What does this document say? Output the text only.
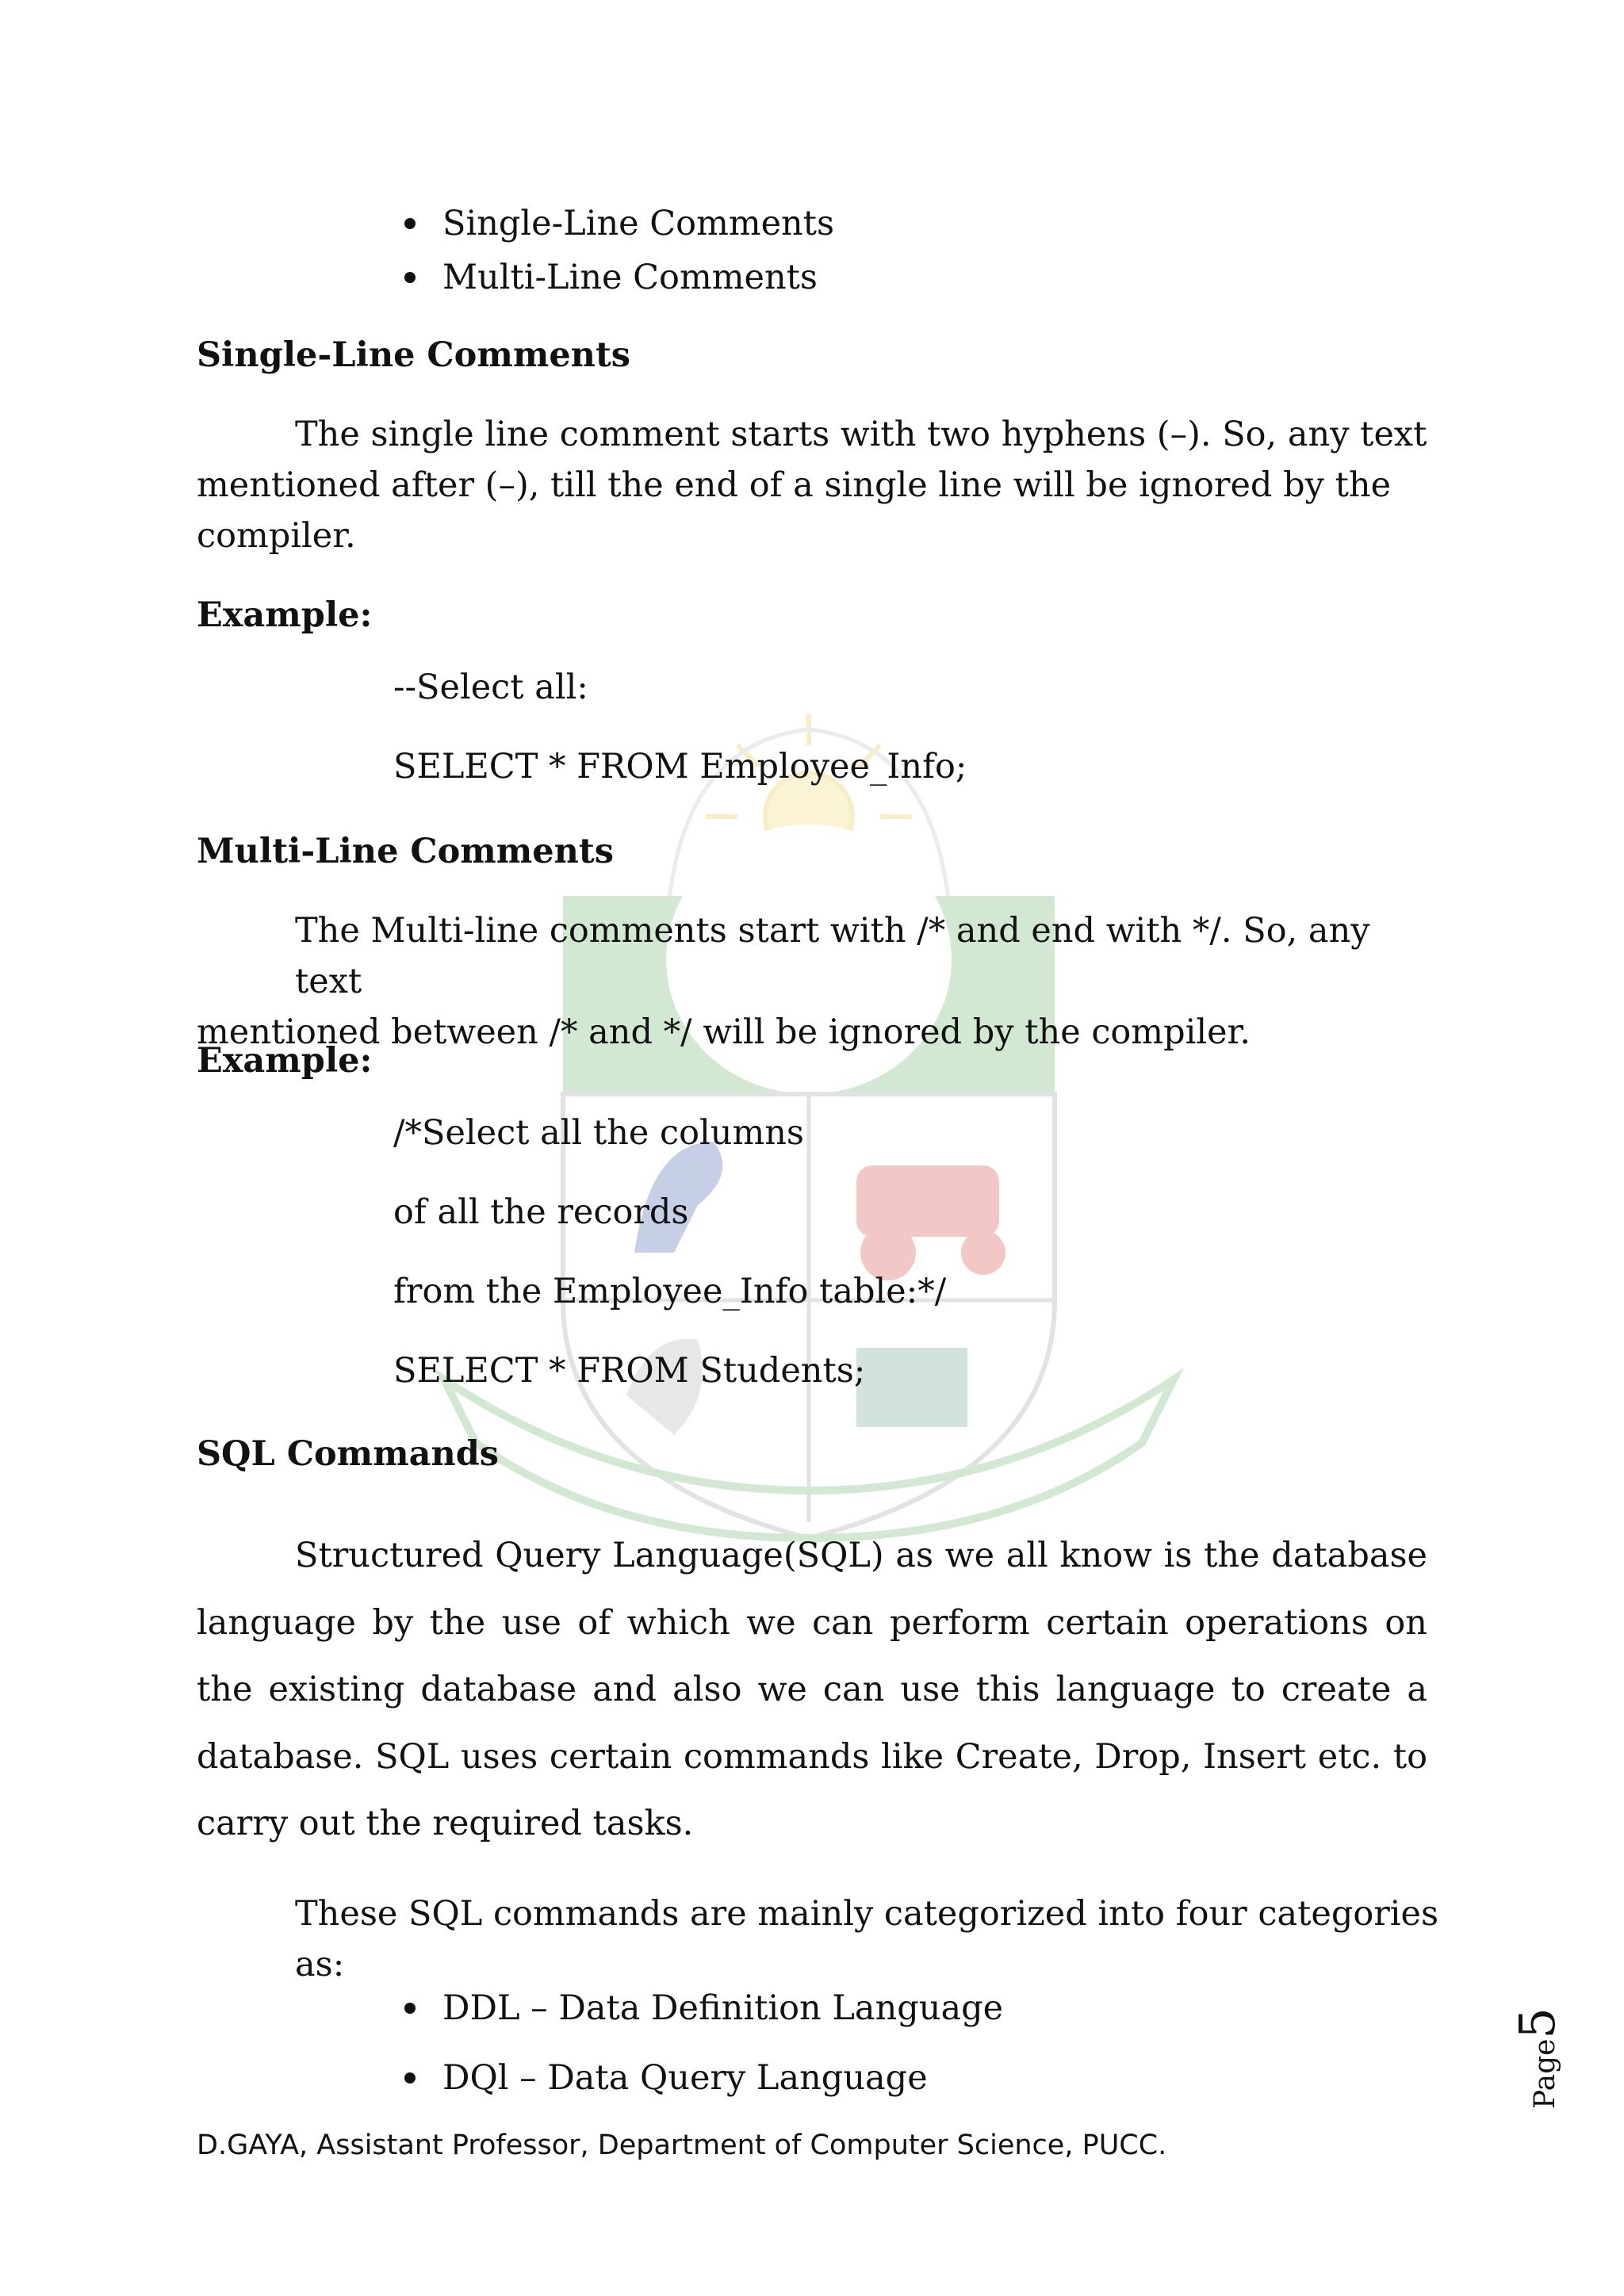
Single-Line Comments
Multi-Line Comments
Single-Line Comments

The single line comment starts with two hyphens (–). So, any text

mentioned after (–), till the end of a single line will be ignored by the

compiler.

Example:

--Select all:

SELECT * FROM Employee_Info;

Multi-Line Comments

The Multi-line comments start with /* and end with */. So, any text

mentioned between /* and */ will be ignored by the compiler.

Example:

/*Select all the columns

of all the records

from the Employee_Info table:*/

SELECT * FROM Students;

SQL Commands

Structured Query Language(SQL) as we all know is the database language by the use of which we can perform certain operations on the existing database and also we can use this language to create a database. SQL uses certain commands like Create, Drop, Insert etc. to carry out the required tasks.

These SQL commands are mainly categorized into four categories as:

DDL – Data Definition Language
DQl – Data Query Language	Page5
D.GAYA, Assistant Professor, Department of Computer Science, PUCC.
